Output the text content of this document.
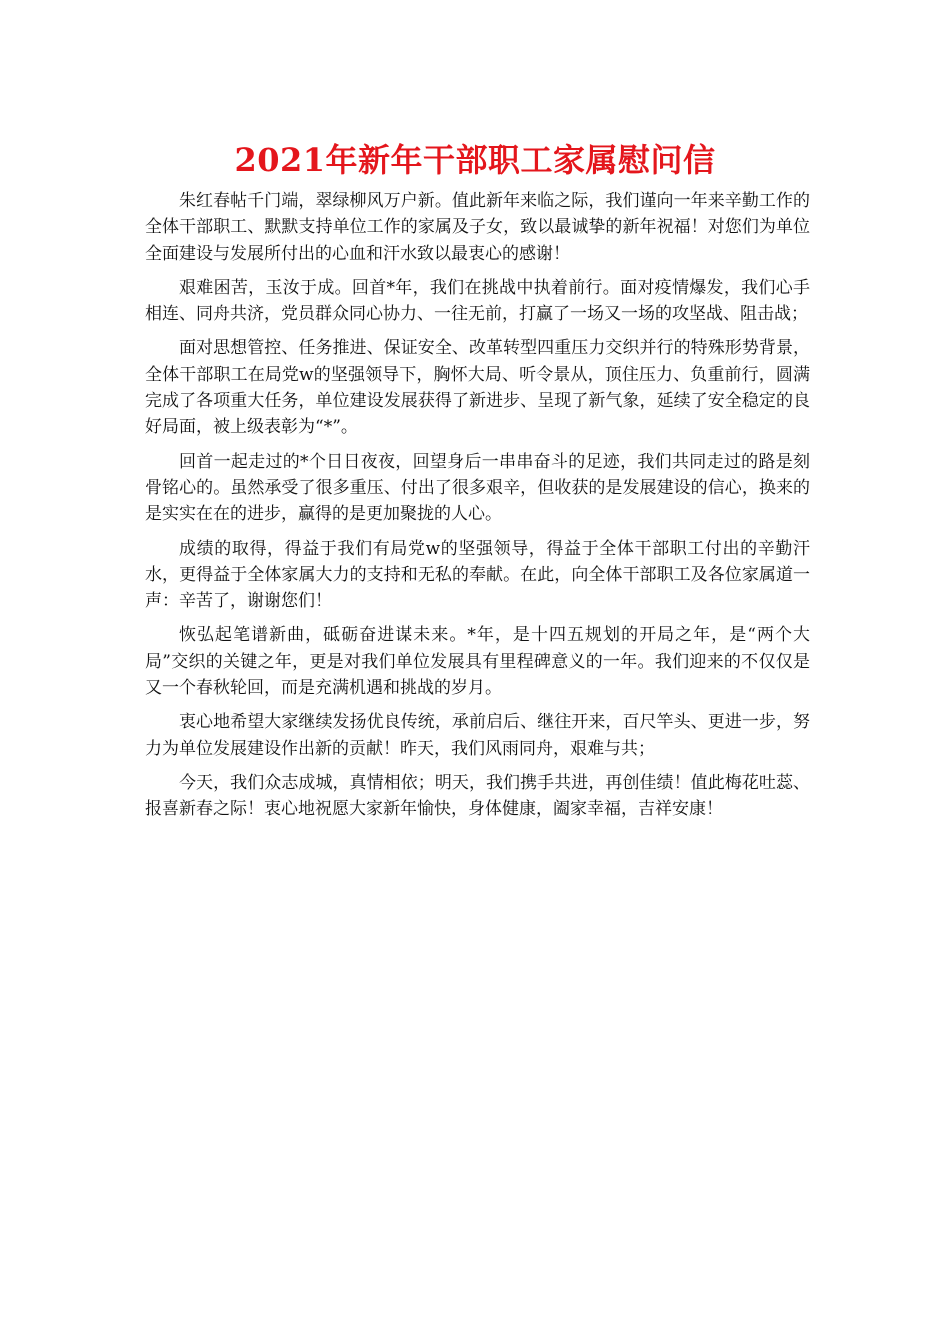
2021年新年干部职工家属慰问信

朱红春帖千门端，翠绿柳风万户新。值此新年来临之际，我们谨向一年来辛勤工作的全体干部职工、默默支持单位工作的家属及子女，致以最诚挚的新年祝福！对您们为单位全面建设与发展所付出的心血和汗水致以最衷心的感谢！

艰难困苦，玉汝于成。回首*年，我们在挑战中执着前行。面对疫情爆发，我们心手相连、同舟共济，党员群众同心协力、一往无前，打赢了一场又一场的攻坚战、阻击战；

面对思想管控、任务推进、保证安全、改革转型四重压力交织并行的特殊形势背景，全体干部职工在局党w的坚强领导下，胸怀大局、听令景从，顶住压力、负重前行，圆满完成了各项重大任务，单位建设发展获得了新进步、呈现了新气象，延续了安全稳定的良好局面，被上级表彰为“*”。

回首一起走过的*个日日夜夜，回望身后一串串奋斗的足迹，我们共同走过的路是刻骨铭心的。虽然承受了很多重压、付出了很多艰辛，但收获的是发展建设的信心，换来的是实实在在的进步，赢得的是更加聚拢的人心。

成绩的取得，得益于我们有局党w的坚强领导，得益于全体干部职工付出的辛勤汗水，更得益于全体家属大力的支持和无私的奉献。在此，向全体干部职工及各位家属道一声：辛苦了，谢谢您们！

恢弘起笔谱新曲，砥砺奋进谋未来。*年，是十四五规划的开局之年，是“两个大局”交织的关键之年，更是对我们单位发展具有里程碑意义的一年。我们迎来的不仅仅是又一个春秋轮回，而是充满机遇和挑战的岁月。

衷心地希望大家继续发扬优良传统，承前启后、继往开来，百尺竿头、更进一步，努力为单位发展建设作出新的贡献！昨天，我们风雨同舟，艰难与共；

今天，我们众志成城，真情相依；明天，我们携手共进，再创佳绩！值此梅花吐蕊、报喜新春之际！衷心地祝愿大家新年愉快，身体健康，阖家幸福，吉祥安康！
